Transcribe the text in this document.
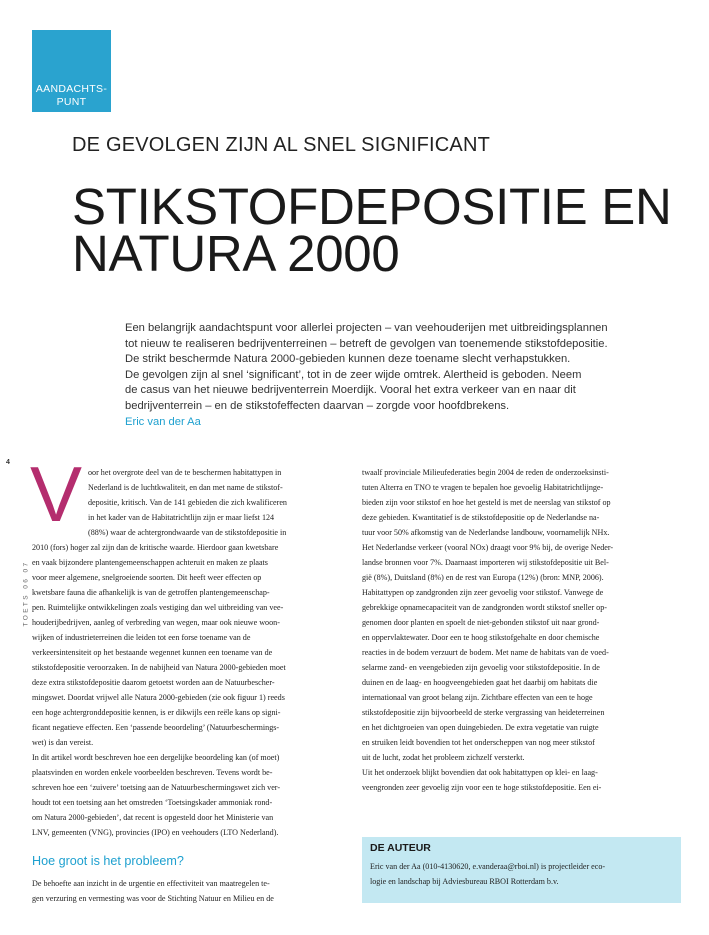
AANDACHTS-
PUNT
DE GEVOLGEN ZIJN AL SNEL SIGNIFICANT
STIKSTOFDEPOSITIE EN
NATURA 2000
Een belangrijk aandachtspunt voor allerlei projecten – van veehouderijen met uitbreidingsplannen
tot nieuw te realiseren bedrijventerreinen – betreft de gevolgen van toenemende stikstofdepositie.
De strikt beschermde Natura 2000-gebieden kunnen deze toename slecht verhapstukken.
De gevolgen zijn al snel ‘significant’, tot in de zeer wijde omtrek. Alertheid is geboden. Neem
de casus van het nieuwe bedrijventerrein Moerdijk. Vooral het extra verkeer van en naar dit
bedrijventerrein – en de stikstofeffecten daarvan – zorgde voor hoofdbrekens.
Eric van der Aa
4
TOETS 06 07
V oor het overgrote deel van de te beschermen habitattypen in
Nederland is de luchtkwaliteit, en dan met name de stikstof-
depositie, kritisch. Van de 141 gebieden die zich kwalificeren
in het kader van de Habitatrichtlijn zijn er maar liefst 124
(88%) waar de achtergrondwaarde van de stikstofdepositie in
2010 (fors) hoger zal zijn dan de kritische waarde. Hierdoor gaan kwetsbare
en vaak bijzondere plantengemeenschappen achteruit en maken ze plaats
voor meer algemene, snelgroeiende soorten. Dit heeft weer effecten op
kwetsbare fauna die afhankelijk is van de getroffen plantengemeenschap-
pen. Ruimtelijke ontwikkelingen zoals vestiging dan wel uitbreiding van vee-
houderijbedrijven, aanleg of verbreding van wegen, maar ook nieuwe woon-
wijken of industrieterreinen die leiden tot een forse toename van de
verkeersintensiteit op het bestaande wegennet kunnen een toename van de
stikstofdepositie veroorzaken. In de nabijheid van Natura 2000-gebieden moet
deze extra stikstofdepositie daarom getoetst worden aan de Natuurbescher-
mingswet. Doordat vrijwel alle Natura 2000-gebieden (zie ook figuur 1) reeds
een hoge achtergronddepositie kennen, is er dikwijls een reële kans op signi-
ficant negatieve effecten. Een ‘passende beoordeling’ (Natuurbeschermings-
wet) is dan vereist.
In dit artikel wordt beschreven hoe een dergelijke beoordeling kan (of moet)
plaatsvinden en worden enkele voorbeelden beschreven. Tevens wordt be-
schreven hoe een ‘zuivere’ toetsing aan de Natuurbeschermingswet zich ver-
houdt tot een toetsing aan het omstreden ‘Toetsingskader ammoniak rond-
om Natura 2000-gebieden’, dat recent is opgesteld door het Ministerie van
LNV, gemeenten (VNG), provincies (IPO) en veehouders (LTO Nederland).
Hoe groot is het probleem?
De behoefte aan inzicht in de urgentie en effectiviteit van maatregelen te-
gen verzuring en vermesting was voor de Stichting Natuur en Milieu en de
twaalf provinciale Milieufederaties begin 2004 de reden de onderzoeksinsti-
tuten Alterra en TNO te vragen te bepalen hoe gevoelig Habitatrichtlijnge-
bieden zijn voor stikstof en hoe het gesteld is met de neerslag van stikstof op
deze gebieden. Kwantitatief is de stikstofdepositie op de Nederlandse na-
tuur voor 50% afkomstig van de Nederlandse landbouw, voornamelijk NHx.
Het Nederlandse verkeer (vooral NOx) draagt voor 9% bij, de overige Neder-
landse bronnen voor 7%. Daarnaast importeren wij stikstofdepositie uit Bel-
gië (8%), Duitsland (8%) en de rest van Europa (12%) (bron: MNP, 2006).
Habitattypen op zandgronden zijn zeer gevoelig voor stikstof. Vanwege de
gebrekkige opnamecapaciteit van de zandgronden wordt stikstof sneller op-
genomen door planten en spoelt de niet-gebonden stikstof uit naar grond-
en oppervlaktewater. Door een te hoog stikstofgehalte en door chemische
reacties in de bodem verzuurt de bodem. Met name de habitats van de voed-
selarme zand- en veengebieden zijn gevoelig voor stikstofdepositie. In de
duinen en de laag- en hoogveengebieden gaat het daarbij om habitats die
internationaal van groot belang zijn. Zichtbare effecten van een te hoge
stikstofdepositie zijn bijvoorbeeld de sterke vergrassing van heideterreinen
en het dichtgroeien van open duingebieden. De extra vegetatie van ruigte
en struiken leidt bovendien tot het onderscheppen van nog meer stikstof
uit de lucht, zodat het probleem zichzelf versterkt.
Uit het onderzoek blijkt bovendien dat ook habitattypen op klei- en laag-
veengronden zeer gevoelig zijn voor een te hoge stikstofdepositie. Een ei-
DE AUTEUR
Eric van der Aa (010-4130620, e.vanderaa@rboi.nl) is projectleider eco-
logie en landschap bij Adviesbureau RBOI Rotterdam b.v.
